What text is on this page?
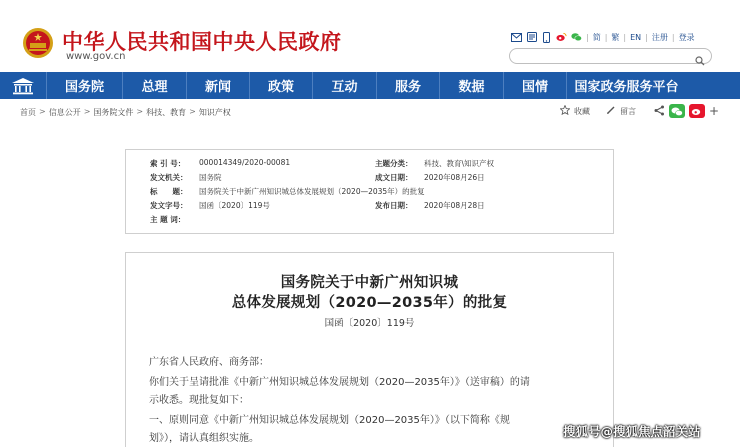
中华人民共和国中央人民政府
www.gov.cn
| 简 | 繁 | EN | 注册 | 登录
国务院	总理	新闻	政策	互动	服务	数据	国情	国家政务服务平台
首页 > 信息公开 > 国务院文件 > 科技、教育 > 知识产权	收藏	留言	+
索 引 号： 000014349/2020-00081	主题分类： 科技、教育\知识产权
发文机关： 国务院	成文日期： 2020年08月26日
标　　题： 国务院关于中新广州知识城总体发展规划（2020—2035年）的批复
发文字号： 国函〔2020〕119号	发布日期： 2020年08月28日
主 题 词：
国务院关于中新广州知识城
总体发展规划（2020—2035年）的批复
国函〔2020〕119号
广东省人民政府、商务部：
你们关于呈请批准《中新广州知识城总体发展规划（2020—2035年）》（送审稿）的请
示收悉。现批复如下：
一、原则同意《中新广州知识城总体发展规划（2020—2035年）》（以下简称《规
划》），请认真组织实施。	搜狐号@搜狐焦点韶关站
